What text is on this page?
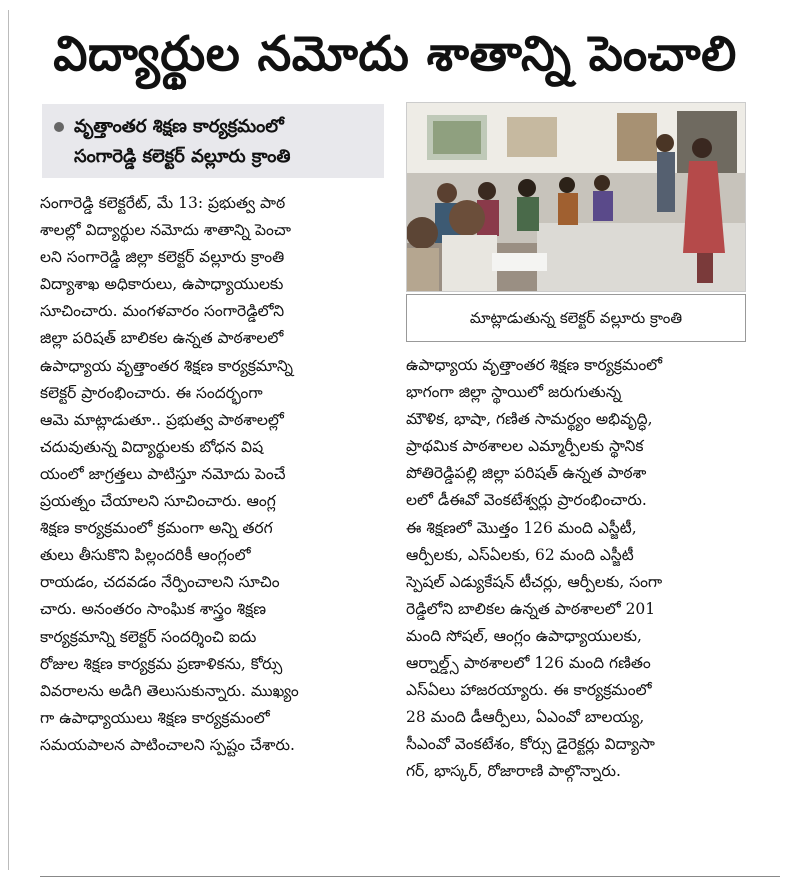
విద్యార్థుల నమోదు శాతాన్ని పెంచాలి
వృత్తాంతర శిక్షణ కార్యక్రమంలో
సంగారెడ్డి కలెక్టర్ వల్లూరు క్రాంతి
సంగారెడ్డి కలెక్టరేట్, మే 13: ప్రభుత్వ పాఠ
శాలల్లో విద్యార్థుల నమోదు శాతాన్ని పెంచా
లని సంగారెడ్డి జిల్లా కలెక్టర్ వల్లూరు క్రాంతి
విద్యాశాఖ అధికారులు, ఉపాధ్యాయులకు
సూచించారు. మంగళవారం సంగారెడ్డిలోని
జిల్లా పరిషత్ బాలికల ఉన్నత పాఠశాలలో
ఉపాధ్యాయ వృత్తాంతర శిక్షణ కార్యక్రమాన్ని
కలెక్టర్ ప్రారంభించారు. ఈ సందర్భంగా
ఆమె మాట్లాడుతూ.. ప్రభుత్వ పాఠశాలల్లో
చదువుతున్న విద్యార్థులకు బోధన విష
యంలో జాగ్రత్తలు పాటిస్తూ నమోదు పెంచే
ప్రయత్నం చేయాలని సూచించారు. ఆంగ్ల
శిక్షణ కార్యక్రమంలో క్రమంగా అన్ని తరగ
తులు తీసుకొని పిల్లందరికీ ఆంగ్లంలో
రాయడం, చదవడం నేర్పించాలని సూచిం
చారు. అనంతరం సాంఘిక శాస్త్రం శిక్షణ
కార్యక్రమాన్ని కలెక్టర్ సందర్శించి ఐదు
రోజుల శిక్షణ కార్యక్రమ ప్రణాళికను, కోర్సు
వివరాలను అడిగి తెలుసుకున్నారు. ముఖ్యం
గా ఉపాధ్యాయులు శిక్షణ కార్యక్రమంలో
సమయపాలన పాటించాలని స్పష్టం చేశారు.
మాట్లాడుతున్న కలెక్టర్ వల్లూరు క్రాంతి
ఉపాధ్యాయ వృత్తాంతర శిక్షణ కార్యక్రమంలో
భాగంగా జిల్లా స్థాయిలో జరుగుతున్న
మౌళిక, భాషా, గణిత సామర్థ్యం అభివృద్ధి,
ప్రాథమిక పాఠశాలల ఎమ్మార్పీలకు స్థానిక
పోతిరెడ్డిపల్లి జిల్లా పరిషత్ ఉన్నత పాఠశా
లలో డీఈవో వెంకటేశ్వర్లు ప్రారంభించారు.
ఈ శిక్షణలో మొత్తం 126 మంది ఎస్జీటీ,
ఆర్పీలకు, ఎస్ఏలకు, 62 మంది ఎస్జీటీ
స్పెషల్ ఎడ్యుకేషన్ టీచర్లు, ఆర్పీలకు, సంగా
రెడ్డిలోని బాలికల ఉన్నత పాఠశాలలో 201
మంది సోషల్, ఆంగ్లం ఉపాధ్యాయులకు,
ఆర్నాల్డ్స్ పాఠశాలలో 126 మంది గణితం
ఎస్ఏలు హాజరయ్యారు. ఈ కార్యక్రమంలో
28 మంది డీఆర్పీలు, ఏఎంవో బాలయ్య,
సీఎంవో వెంకటేశం, కోర్సు డైరెక్టర్లు విద్యాసా
గర్, భాస్కర్, రోజారాణి పాల్గొన్నారు.
